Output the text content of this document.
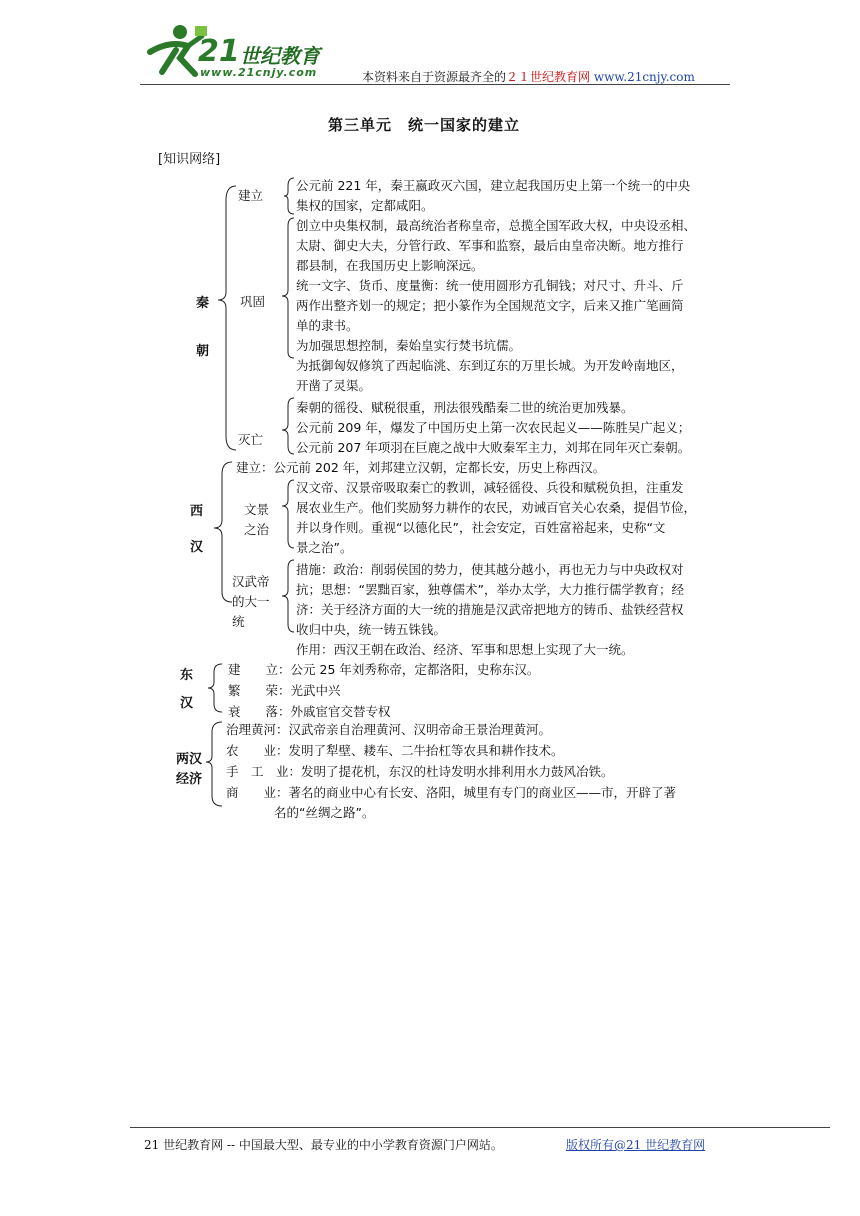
21 世纪教育
www.21cnjy.com	本资料来自于资源最齐全的２１世纪教育网 www.21cnjy.com
第三单元　统一国家的建立
[知识网络]
秦
朝
建立
巩固
灭亡
公元前 221 年，秦王嬴政灭六国，建立起我国历史上第一个统一的中央
集权的国家，定都咸阳。
创立中央集权制，最高统治者称皇帝，总揽全国军政大权，中央设丞相、
太尉、御史大夫，分管行政、军事和监察，最后由皇帝决断。地方推行
郡县制，在我国历史上影响深远。
统一文字、货币、度量衡：统一使用圆形方孔铜钱；对尺寸、升斗、斤
两作出整齐划一的规定；把小篆作为全国规范文字，后来又推广笔画简
单的隶书。
为加强思想控制，秦始皇实行焚书坑儒。
为抵御匈奴修筑了西起临洮、东到辽东的万里长城。为开发岭南地区，
开凿了灵渠。
秦朝的徭役、赋税很重，刑法很残酷秦二世的统治更加残暴。
公元前 209 年，爆发了中国历史上第一次农民起义——陈胜吴广起义；
公元前 207 年项羽在巨鹿之战中大败秦军主力，刘邦在同年灭亡秦朝。
西
汉
建立：公元前 202 年，刘邦建立汉朝，定都长安，历史上称西汉。
文景
之治
汉武帝
的大一
统
汉文帝、汉景帝吸取秦亡的教训，减轻徭役、兵役和赋税负担，注重发
展农业生产。他们奖励努力耕作的农民，劝诫百官关心农桑，提倡节俭，
并以身作则。重视“以德化民”，社会安定，百姓富裕起来，史称“文
景之治”。
措施：政治：削弱侯国的势力，使其越分越小，再也无力与中央政权对
抗；思想：“罢黜百家，独尊儒术”，举办太学，大力推行儒学教育；经
济：关于经济方面的大一统的措施是汉武帝把地方的铸币、盐铁经营权
收归中央，统一铸五铢钱。
作用：西汉王朝在政治、经济、军事和思想上实现了大一统。
东
汉
建　　立：公元 25 年刘秀称帝，定都洛阳，史称东汉。
繁　　荣：光武中兴
衰　　落：外戚宦官交替专权
两汉
经济
治理黄河：汉武帝亲自治理黄河、汉明帝命王景治理黄河。
农　　业：发明了犁壁、耧车、二牛抬杠等农具和耕作技术。
手　工　业：发明了提花机，东汉的杜诗发明水排利用水力鼓风冶铁。
商　　业：著名的商业中心有长安、洛阳，城里有专门的商业区——市，开辟了著
名的“丝绸之路”。
21 世纪教育网 -- 中国最大型、最专业的中小学教育资源门户网站。	版权所有@21 世纪教育网
